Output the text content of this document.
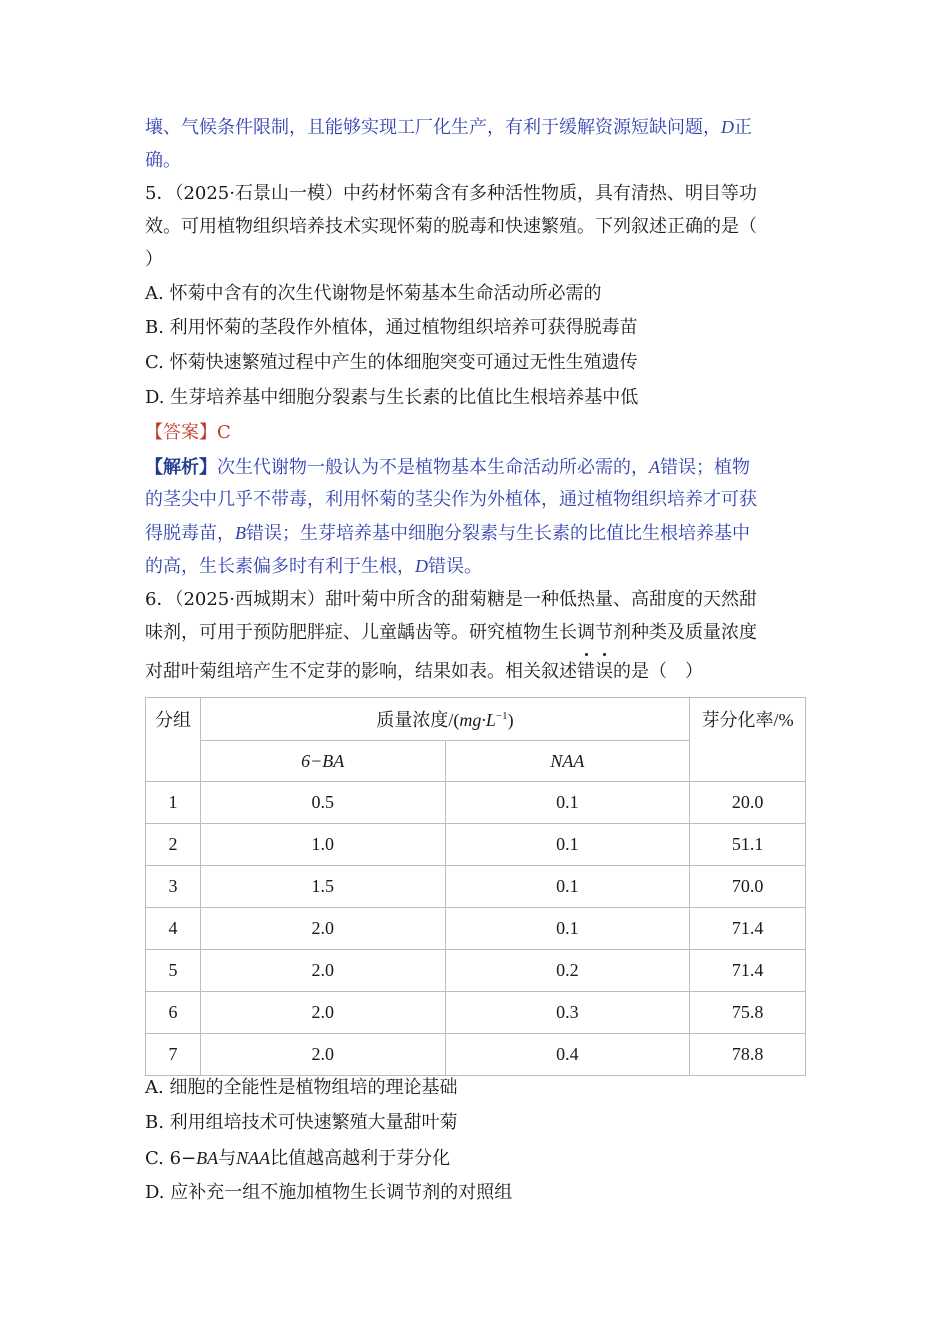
壤、气候条件限制，且能够实现工厂化生产，有利于缓解资源短缺问题，D正
确。
5．（2025·石景山一模）中药材怀菊含有多种活性物质，具有清热、明目等功
效。可用植物组织培养技术实现怀菊的脱毒和快速繁殖。下列叙述正确的是（
）
A. 怀菊中含有的次生代谢物是怀菊基本生命活动所必需的
B. 利用怀菊的茎段作外植体，通过植物组织培养可获得脱毒苗
C. 怀菊快速繁殖过程中产生的体细胞突变可通过无性生殖遗传
D. 生芽培养基中细胞分裂素与生长素的比值比生根培养基中低
【答案】C
【解析】次生代谢物一般认为不是植物基本生命活动所必需的，A错误；植物
的茎尖中几乎不带毒，利用怀菊的茎尖作为外植体，通过植物组织培养才可获
得脱毒苗，B错误；生芽培养基中细胞分裂素与生长素的比值比生根培养基中
的高，生长素偏多时有利于生根，D错误。
6．（2025·西城期末）甜叶菊中所含的甜菊糖是一种低热量、高甜度的天然甜
味剂，可用于预防肥胖症、儿童龋齿等。研究植物生长调节剂种类及质量浓度
对甜叶菊组培产生不定芽的影响，结果如表。相关叙述错误的是（　）
分组	质量浓度$/(mg\cdot L^{-1})$		芽分化率/%
	6−BA	NAA	
1	0.5	0.1	20.0
2	1.0	0.1	51.1
3	1.5	0.1	70.0
4	2.0	0.1	71.4
5	2.0	0.2	71.4
6	2.0	0.3	75.8
7	2.0	0.4	78.8
A. 细胞的全能性是植物组培的理论基础
B. 利用组培技术可快速繁殖大量甜叶菊
C. 6−BA与NAA比值越高越利于芽分化
D. 应补充一组不施加植物生长调节剂的对照组
